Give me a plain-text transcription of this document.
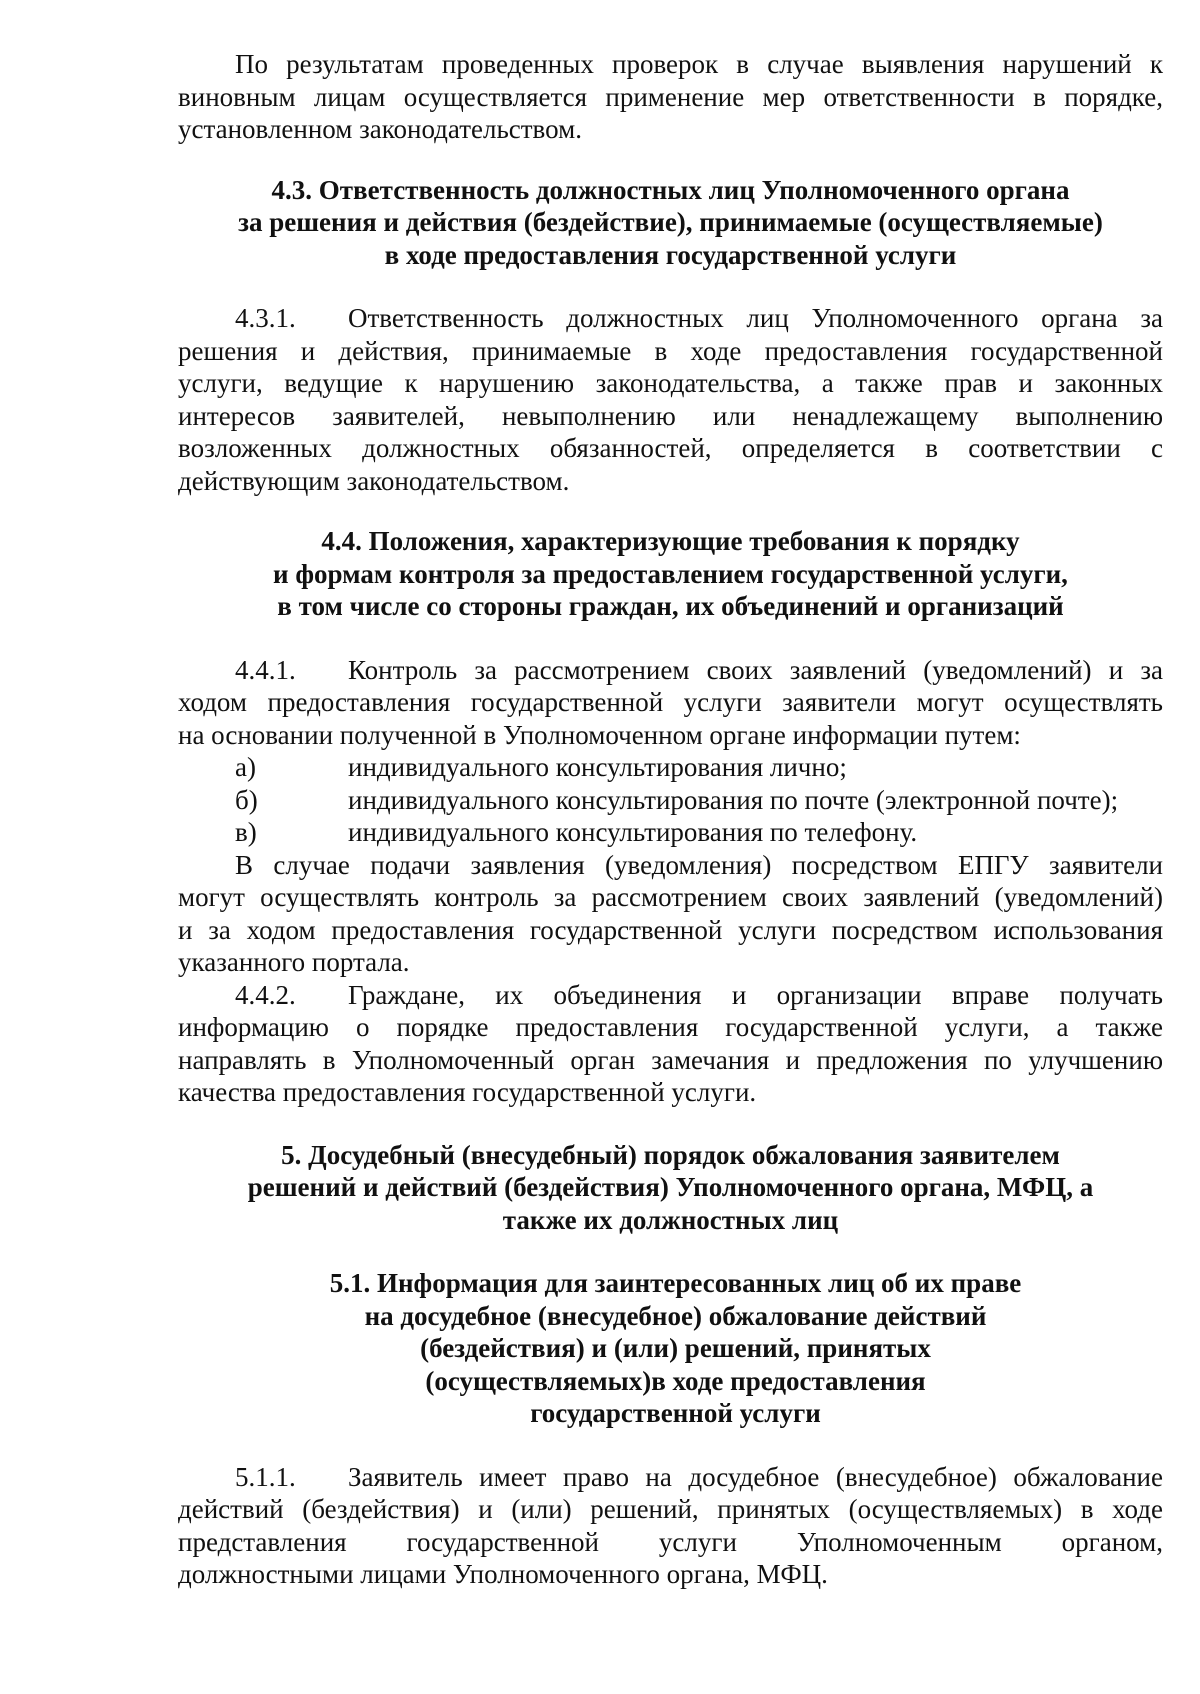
По результатам проведенных проверок в случае выявления нарушений к

виновным лицам осуществляется применение мер ответственности в порядке,

установленном законодательством.

4.3. Ответственность должностных лиц Уполномоченного органа
за решения и действия (бездействие), принимаемые (осуществляемые)
в ходе предоставления государственной услуги

4.3.1. Ответственность должностных лиц Уполномоченного органа за

решения и действия, принимаемые в ходе предоставления государственной

услуги, ведущие к нарушению законодательства, а также прав и законных

интересов заявителей, невыполнению или ненадлежащему выполнению

возложенных должностных обязанностей, определяется в соответствии с

действующим законодательством.

4.4. Положения, характеризующие требования к порядку
и формам контроля за предоставлением государственной услуги,
в том числе со стороны граждан, их объединений и организаций

4.4.1. Контроль за рассмотрением своих заявлений (уведомлений) и за

ходом предоставления государственной услуги заявители могут осуществлять

на основании полученной в Уполномоченном органе информации путем:

а)	индивидуального консультирования лично;
б)	индивидуального консультирования по почте (электронной почте);
в)	индивидуального консультирования по телефону.

В случае подачи заявления (уведомления) посредством ЕПГУ заявители

могут осуществлять контроль за рассмотрением своих заявлений (уведомлений)

и за ходом предоставления государственной услуги посредством использования

указанного портала.

4.4.2. Граждане, их объединения и организации вправе получать

информацию о порядке предоставления государственной услуги, а также

направлять в Уполномоченный орган замечания и предложения по улучшению

качества предоставления государственной услуги.

5. Досудебный (внесудебный) порядок обжалования заявителем
решений и действий (бездействия) Уполномоченного органа, МФЦ, а
также их должностных лиц
5.1. Информация для заинтересованных лиц об их праве
на досудебное (внесудебное) обжалование действий
(бездействия) и (или) решений, принятых
(осуществляемых)в ходе предоставления
государственной услуги

5.1.1. Заявитель имеет право на досудебное (внесудебное) обжалование

действий (бездействия) и (или) решений, принятых (осуществляемых) в ходе

представления государственной услуги Уполномоченным органом,

должностными лицами Уполномоченного органа, МФЦ.
